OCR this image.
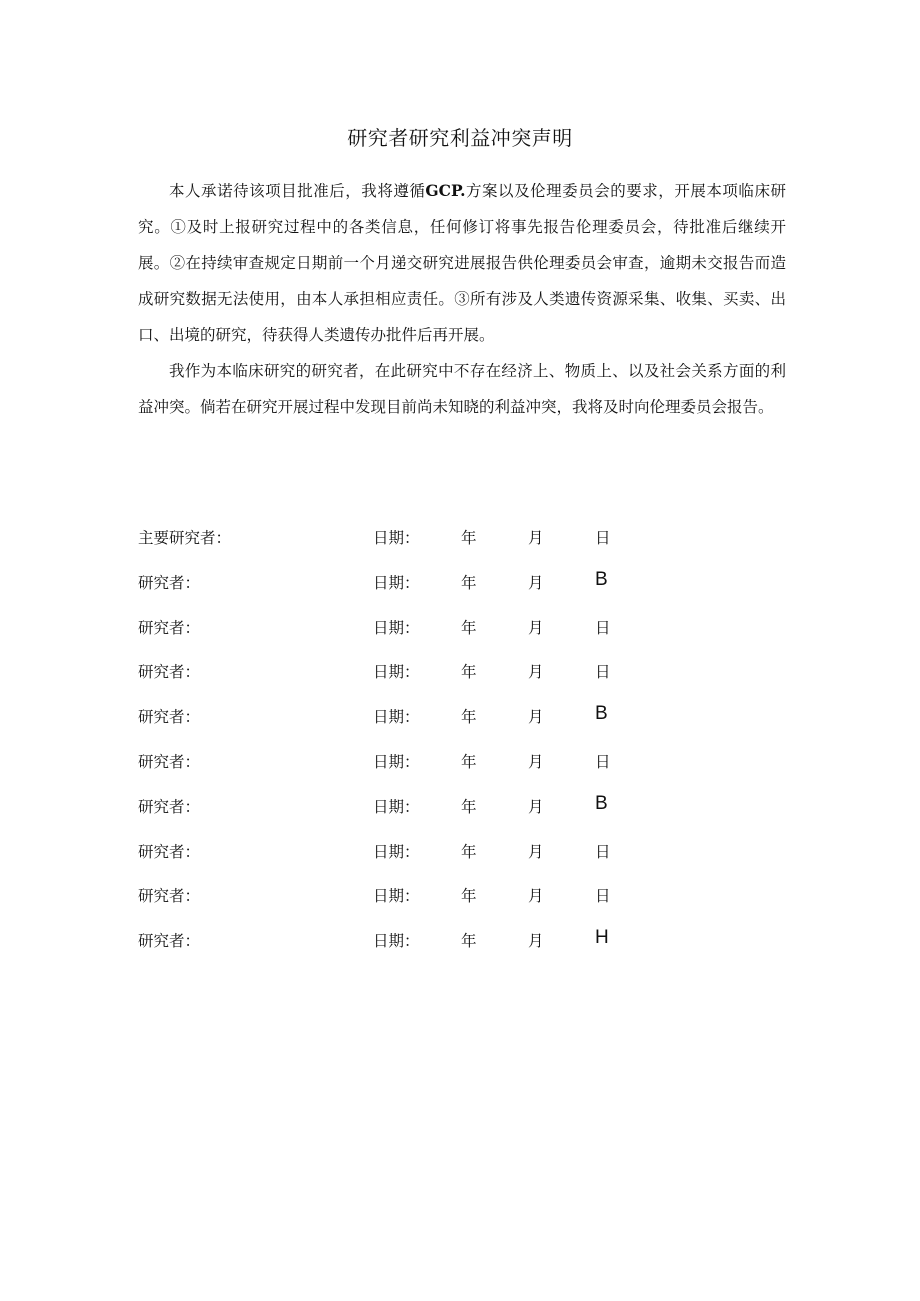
研究者研究利益冲突声明

本人承诺待该项目批准后，我将遵循GCP.方案以及伦理委员会的要求，开展本项临床研究。①及时上报研究过程中的各类信息，任何修订将事先报告伦理委员会，待批准后继续开展。②在持续审查规定日期前一个月递交研究进展报告供伦理委员会审查，逾期未交报告而造成研究数据无法使用，由本人承担相应责任。③所有涉及人类遗传资源采集、收集、买卖、出口、出境的研究，待获得人类遗传办批件后再开展。

我作为本临床研究的研究者，在此研究中不存在经济上、物质上、以及社会关系方面的利益冲突。倘若在研究开展过程中发现目前尚未知晓的利益冲突，我将及时向伦理委员会报告。

主要研究者：	日期：	年	月	日
研究者：	日期：	年	月	B
研究者：	日期：	年	月	日
研究者：	日期：	年	月	日
研究者：	日期：	年	月	B
研究者：	日期：	年	月	日
研究者：	日期：	年	月	B
研究者：	日期：	年	月	日
研究者：	日期：	年	月	日
研究者：	日期：	年	月	H
